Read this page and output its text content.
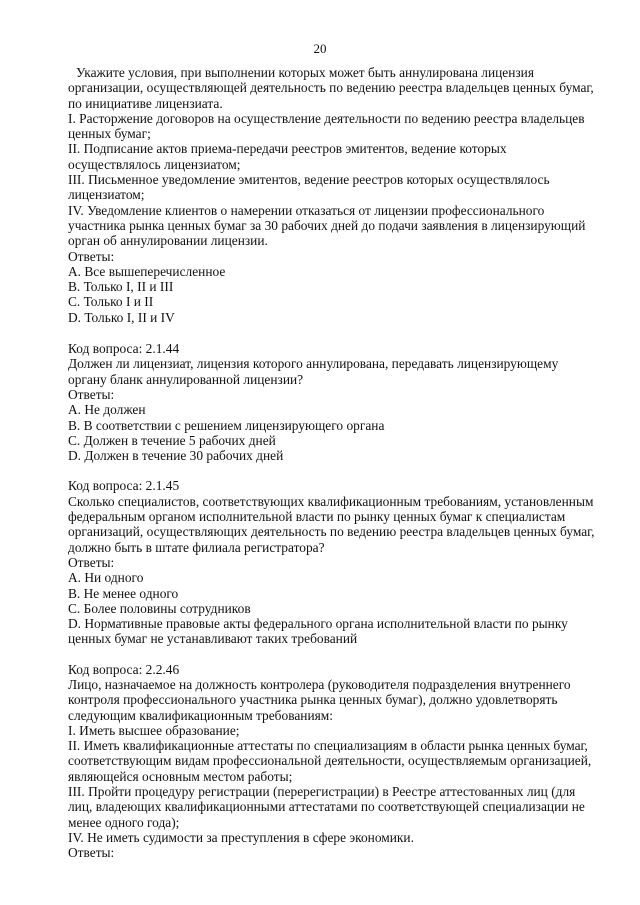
20
Укажите условия, при выполнении которых может быть аннулирована лицензия
организации, осуществляющей деятельность по ведению реестра владельцев ценных бумаг,
по инициативе лицензиата.
I. Расторжение договоров на осуществление деятельности по ведению реестра владельцев
ценных бумаг;
II. Подписание актов приема-передачи реестров эмитентов, ведение которых
осуществлялось лицензиатом;
III. Письменное уведомление эмитентов, ведение реестров которых осуществлялось
лицензиатом;
IV. Уведомление клиентов о намерении отказаться от лицензии профессионального
участника рынка ценных бумаг за 30 рабочих дней до подачи заявления в лицензирующий
орган об аннулировании лицензии.
Ответы:
A. Все вышеперечисленное
B. Только I, II и III
C. Только I и II
D. Только I, II и IV
Код вопроса: 2.1.44
Должен ли лицензиат, лицензия которого аннулирована, передавать лицензирующему
органу бланк аннулированной лицензии?
Ответы:
A. Не должен
B. В соответствии с решением лицензирующего органа
C. Должен в течение 5 рабочих дней
D. Должен в течение 30 рабочих дней
Код вопроса: 2.1.45
Сколько специалистов, соответствующих квалификационным требованиям, установленным
федеральным органом исполнительной власти по рынку ценных бумаг к специалистам
организаций, осуществляющих деятельность по ведению реестра владельцев ценных бумаг,
должно быть в штате филиала регистратора?
Ответы:
A. Ни одного
B. Не менее одного
C. Более половины сотрудников
D. Нормативные правовые акты федерального органа исполнительной власти по рынку
ценных бумаг не устанавливают таких требований
Код вопроса: 2.2.46
Лицо, назначаемое на должность контролера (руководителя подразделения внутреннего
контроля профессионального участника рынка ценных бумаг), должно удовлетворять
следующим квалификационным требованиям:
I. Иметь высшее образование;
II. Иметь квалификационные аттестаты по специализациям в области рынка ценных бумаг,
соответствующим видам профессиональной деятельности, осуществляемым организацией,
являющейся основным местом работы;
III. Пройти процедуру регистрации (перерегистрации) в Реестре аттестованных лиц (для
лиц, владеющих квалификационными аттестатами по соответствующей специализации не
менее одного года);
IV. Не иметь судимости за преступления в сфере экономики.
Ответы:
